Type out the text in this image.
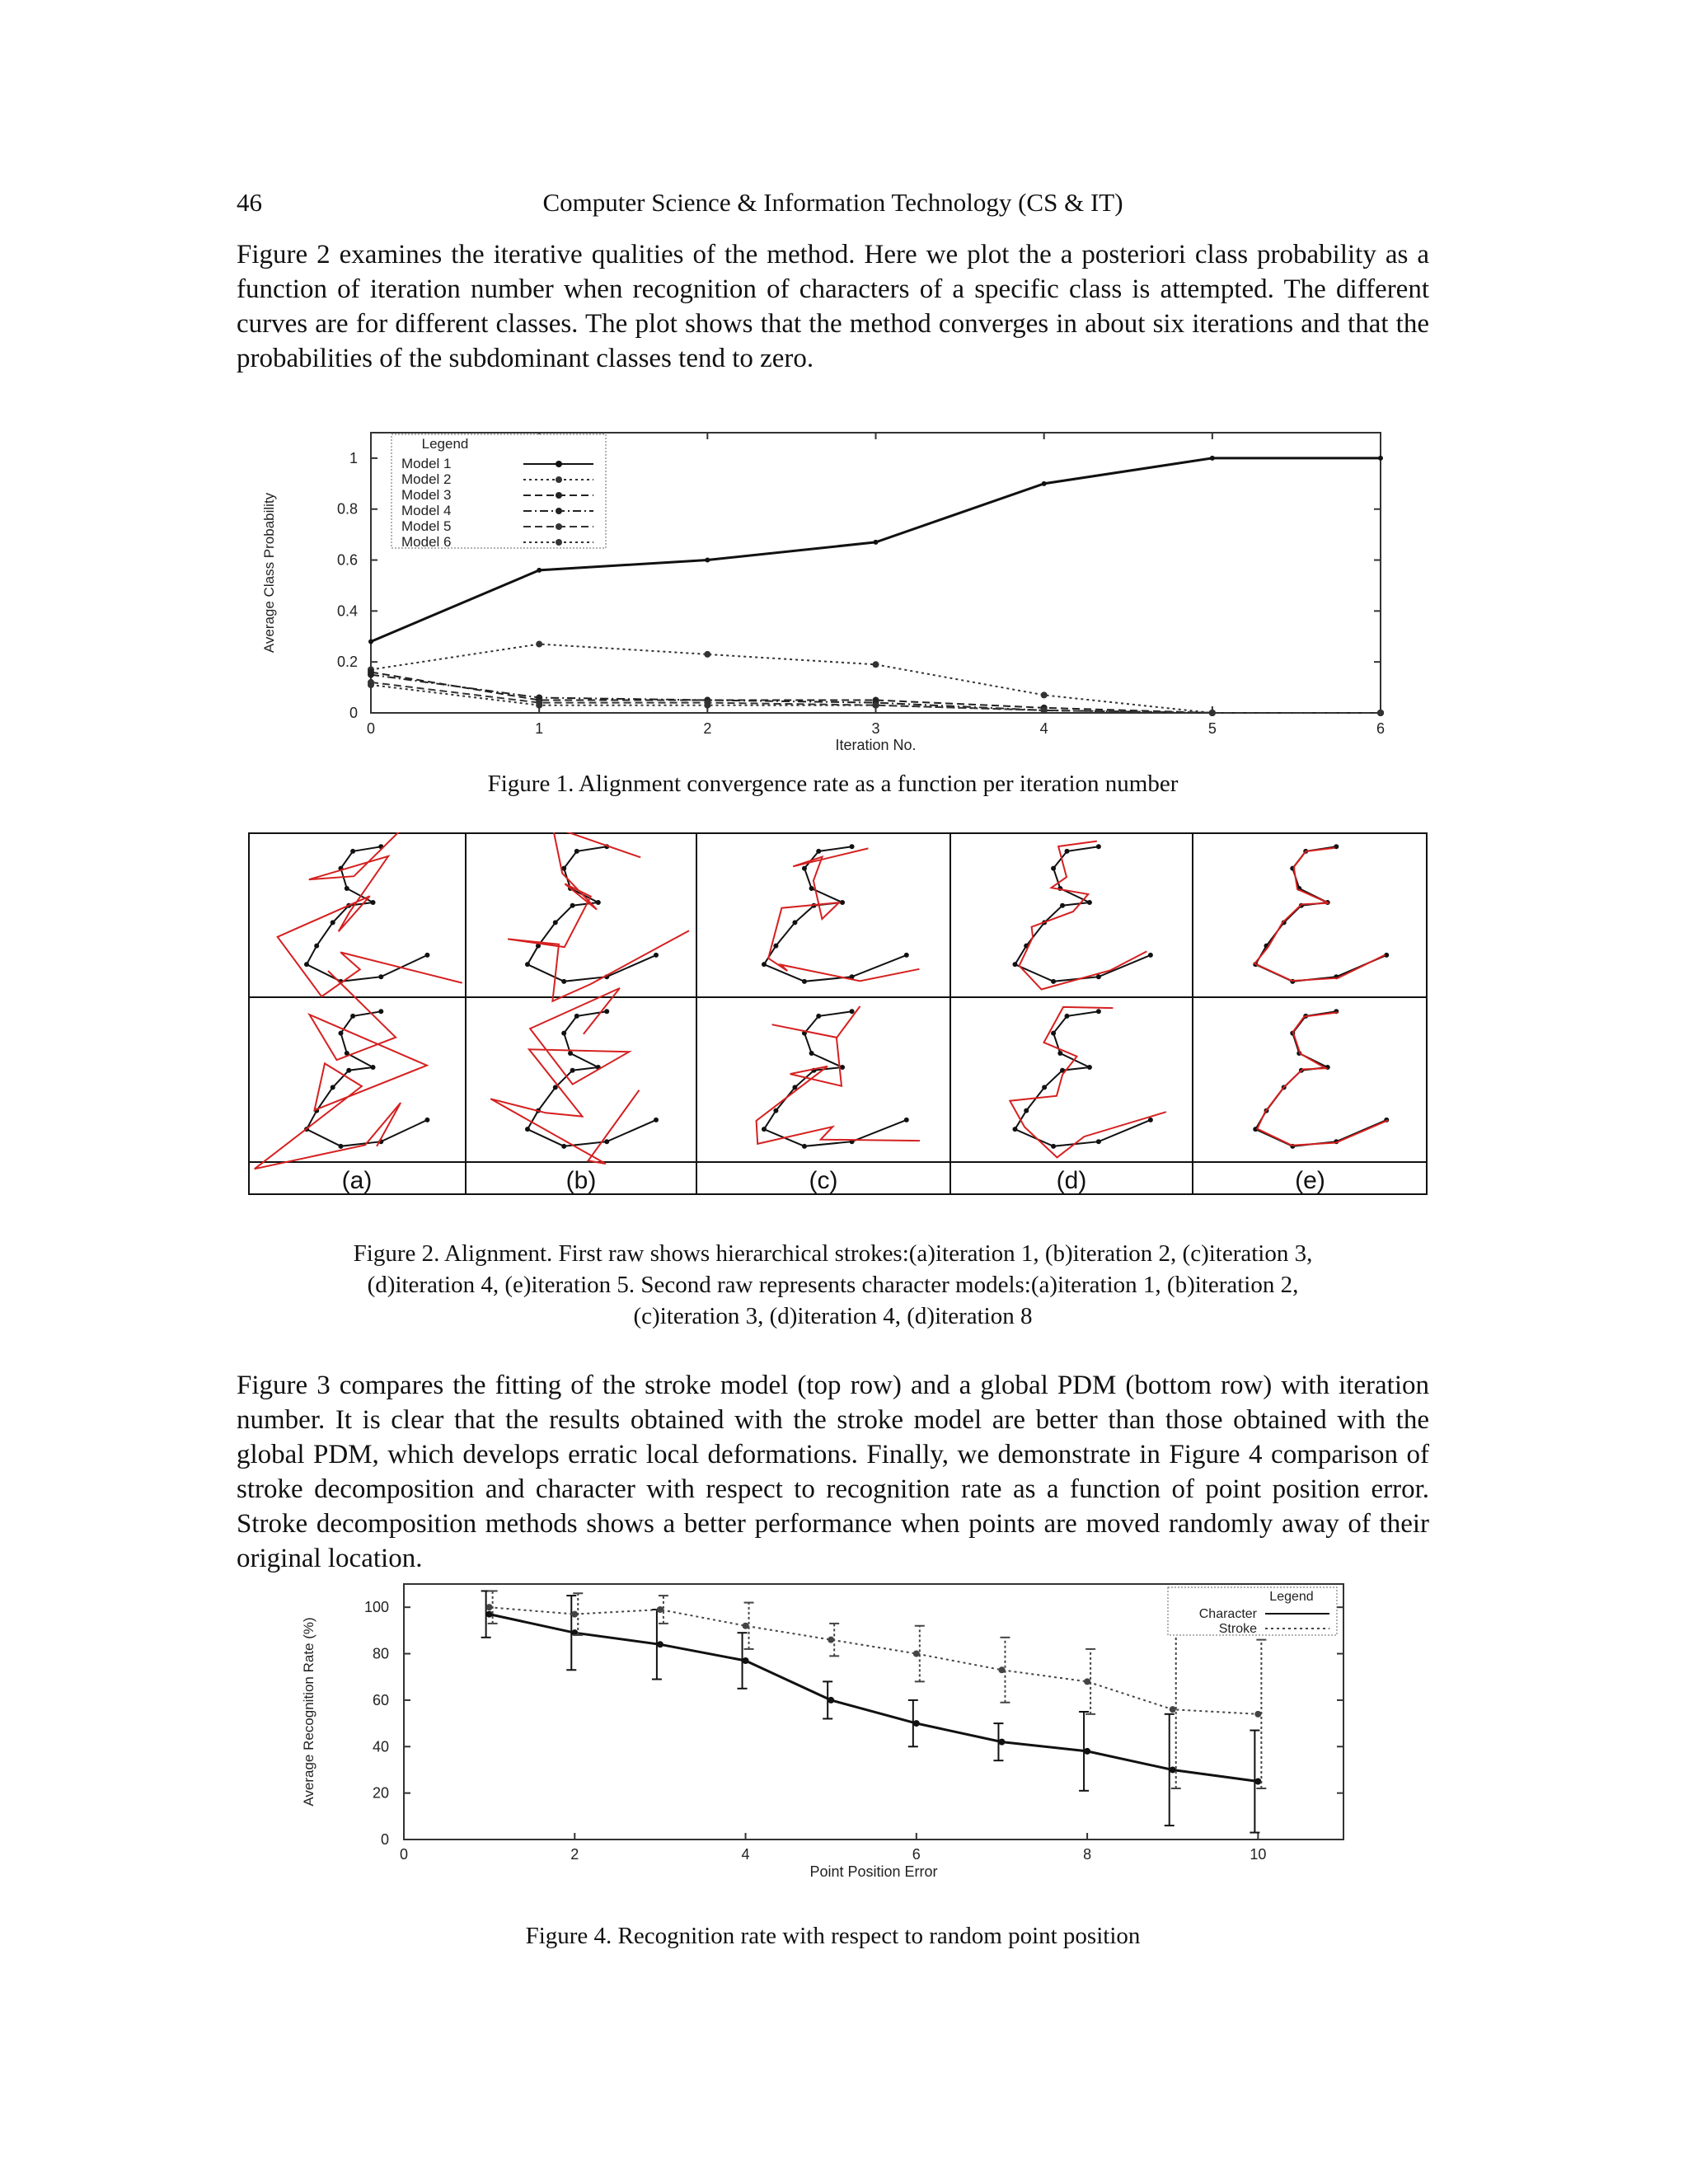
46	Computer Science & Information Technology (CS & IT)

Figure 2 examines the iterative qualities of the method. Here we plot the a posteriori class probability as a function of iteration number when recognition of characters of a specific class is attempted. The different curves are for different classes. The plot shows that the method converges in about six iterations and that the probabilities of the subdominant classes tend to zero.

0	1	2	3	4	5	6
0
0.2
0.4
0.6
0.8
1
Iteration No.
Average Class Probability
Legend
Model 1
Model 2
Model 3
Model 4
Model 5
Model 6
Figure 1. Alignment convergence rate as a function per iteration number
(a)	(b)	(c)	(d)	(e)
Figure 2. Alignment. First raw shows hierarchical strokes:(a)iteration 1, (b)iteration 2, (c)iteration 3,
(d)iteration 4, (e)iteration 5. Second raw represents character models:(a)iteration 1, (b)iteration 2,
(c)iteration 3, (d)iteration 4, (d)iteration 8

Figure 3 compares the fitting of the stroke model (top row) and a global PDM (bottom row) with iteration number. It is clear that the results obtained with the stroke model are better than those obtained with the global PDM, which develops erratic local deformations. Finally, we demonstrate in Figure 4 comparison of stroke decomposition and character with respect to recognition rate as a function of point position error. Stroke decomposition methods shows a better performance when points are moved randomly away of their original location.

0	2	4	6	8	10
0
20
40
60
80
100
Point Position Error
Average Recognition Rate (%)
Legend
Character
Stroke
Figure 4. Recognition rate with respect to random point position
